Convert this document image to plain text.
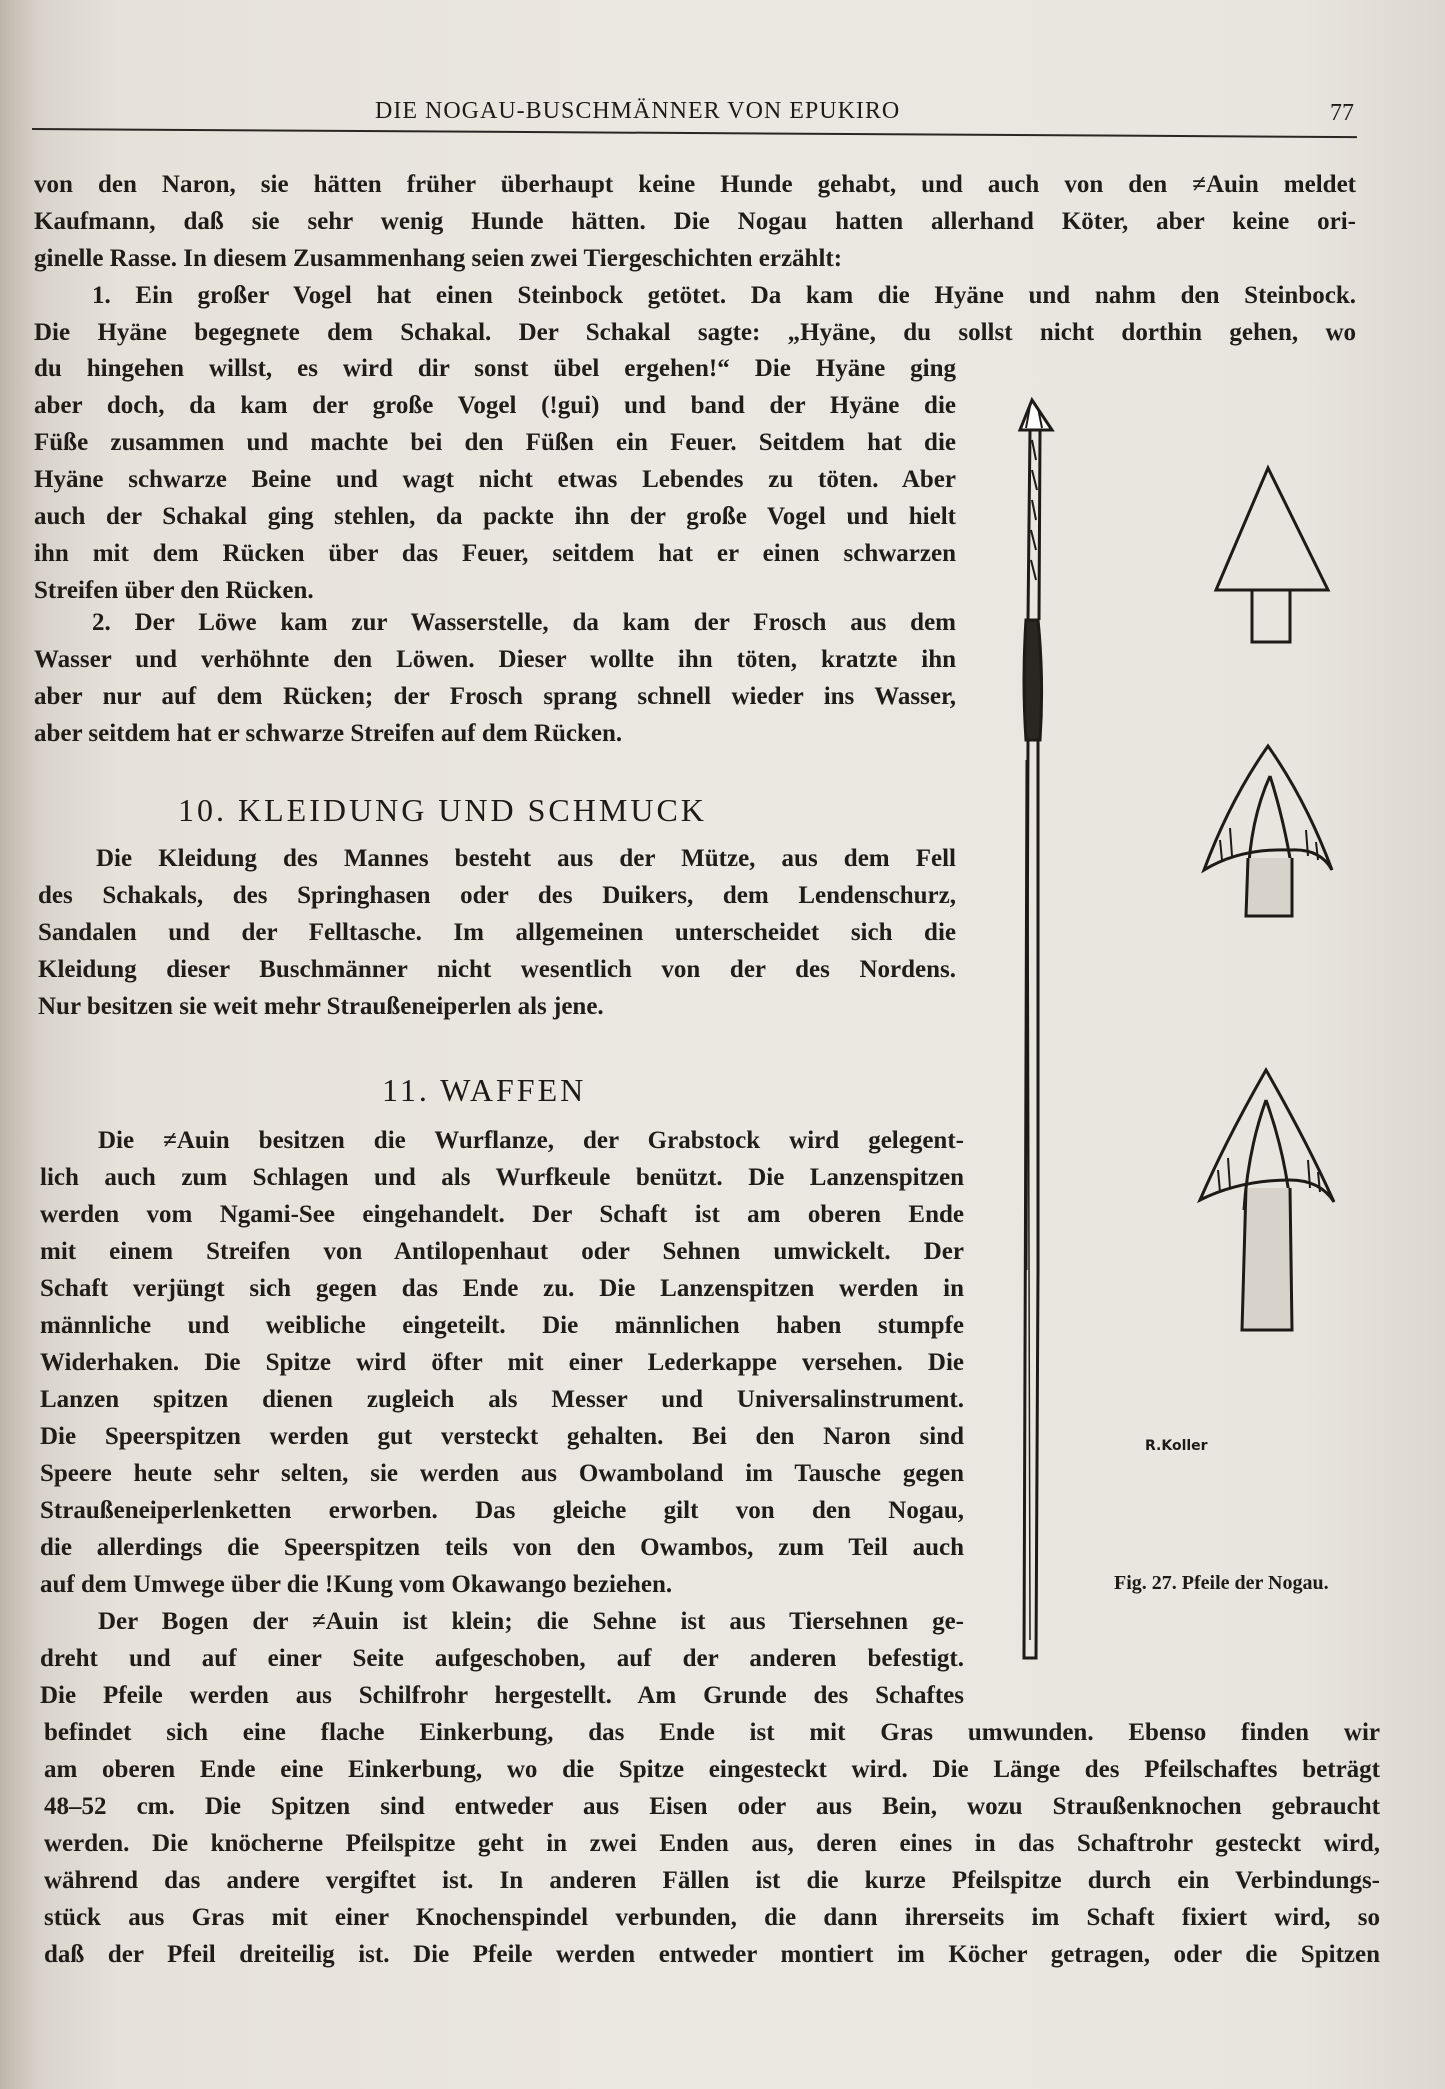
DIE NOGAU-BUSCHMÄNNER VON EPUKIRO	77
von den Naron, sie hätten früher überhaupt keine Hunde gehabt, und auch von den ≠Auin meldet
Kaufmann, daß sie sehr wenig Hunde hätten. Die Nogau hatten allerhand Köter, aber keine ori-
ginelle Rasse. In diesem Zusammenhang seien zwei Tiergeschichten erzählt:
1. Ein großer Vogel hat einen Steinbock getötet. Da kam die Hyäne und nahm den Steinbock.
Die Hyäne begegnete dem Schakal. Der Schakal sagte: „Hyäne, du sollst nicht dorthin gehen, wo
du hingehen willst, es wird dir sonst übel ergehen!“ Die Hyäne ging
aber doch, da kam der große Vogel (!gui) und band der Hyäne die
Füße zusammen und machte bei den Füßen ein Feuer. Seitdem hat die
Hyäne schwarze Beine und wagt nicht etwas Lebendes zu töten. Aber
auch der Schakal ging stehlen, da packte ihn der große Vogel und hielt
ihn mit dem Rücken über das Feuer, seitdem hat er einen schwarzen
Streifen über den Rücken.
2. Der Löwe kam zur Wasserstelle, da kam der Frosch aus dem
Wasser und verhöhnte den Löwen. Dieser wollte ihn töten, kratzte ihn
aber nur auf dem Rücken; der Frosch sprang schnell wieder ins Wasser,
aber seitdem hat er schwarze Streifen auf dem Rücken.
10. KLEIDUNG UND SCHMUCK
Die Kleidung des Mannes besteht aus der Mütze, aus dem Fell
des Schakals, des Springhasen oder des Duikers, dem Lendenschurz,
Sandalen und der Felltasche. Im allgemeinen unterscheidet sich die
Kleidung dieser Buschmänner nicht wesentlich von der des Nordens.
Nur besitzen sie weit mehr Straußeneiperlen als jene.
11. WAFFEN
Die ≠Auin besitzen die Wurflanze, der Grabstock wird gelegent-
lich auch zum Schlagen und als Wurfkeule benützt. Die Lanzenspitzen
werden vom Ngami-See eingehandelt. Der Schaft ist am oberen Ende
mit einem Streifen von Antilopenhaut oder Sehnen umwickelt. Der
Schaft verjüngt sich gegen das Ende zu. Die Lanzenspitzen werden in
männliche und weibliche eingeteilt. Die männlichen haben stumpfe
Widerhaken. Die Spitze wird öfter mit einer Lederkappe versehen. Die
Lanzen spitzen dienen zugleich als Messer und Universalinstrument.
Die Speerspitzen werden gut versteckt gehalten. Bei den Naron sind
Speere heute sehr selten, sie werden aus Owamboland im Tausche gegen
Straußeneiperlenketten erworben. Das gleiche gilt von den Nogau,
die allerdings die Speerspitzen teils von den Owambos, zum Teil auch
auf dem Umwege über die !Kung vom Okawango beziehen.
Der Bogen der ≠Auin ist klein; die Sehne ist aus Tiersehnen ge-
dreht und auf einer Seite aufgeschoben, auf der anderen befestigt.
Die Pfeile werden aus Schilfrohr hergestellt. Am Grunde des Schaftes
befindet sich eine flache Einkerbung, das Ende ist mit Gras umwunden. Ebenso finden wir
am oberen Ende eine Einkerbung, wo die Spitze eingesteckt wird. Die Länge des Pfeilschaftes beträgt
48–52 cm. Die Spitzen sind entweder aus Eisen oder aus Bein, wozu Straußenknochen gebraucht
werden. Die knöcherne Pfeilspitze geht in zwei Enden aus, deren eines in das Schaftrohr gesteckt wird,
während das andere vergiftet ist. In anderen Fällen ist die kurze Pfeilspitze durch ein Verbindungs-
stück aus Gras mit einer Knochenspindel verbunden, die dann ihrerseits im Schaft fixiert wird, so
daß der Pfeil dreiteilig ist. Die Pfeile werden entweder montiert im Köcher getragen, oder die Spitzen
R.Koller
Fig. 27. Pfeile der Nogau.
